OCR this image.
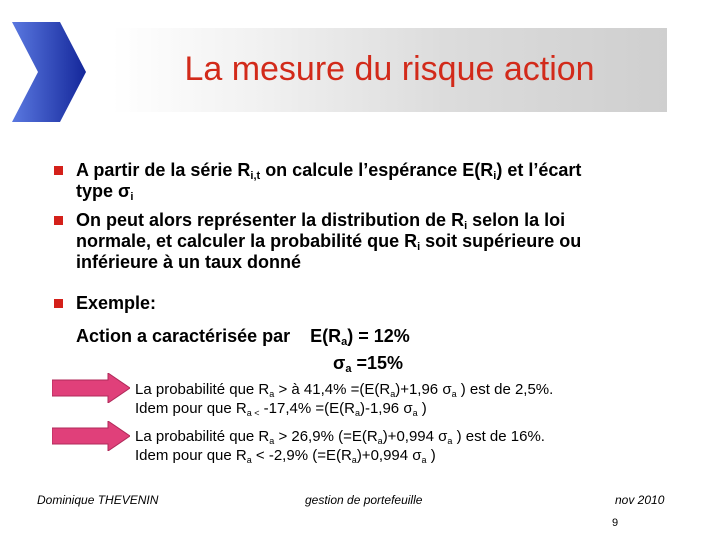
La mesure du risque action
A partir de la série $R_{i,t}$ on calcule l’espérance $E(R_i)$ et l’écart
type $\sigma_i$
On peut alors représenter la distribution de $R_i$ selon la loi
normale, et calculer la probabilité que $R_i$ soit supérieure ou
inférieure à un taux donné
Exemple:
Action a caractérisée par    $E(R_a) = 12\%$
$\sigma_a =15\%$
La probabilité que $R_a$ > à $41,4\% =(E(R_a)+1,96$ $\sigma_a$ ) est de 2,5%.
Idem pour que $R_{a <}$ $-17,4\% =(E(R_a)-1,96$ $\sigma_a$ )
La probabilité que $R_a > 26,9\%$ ($=E(R_a)+0,994$ $\sigma_a$ ) est de 16%.
Idem pour que $R_a < -2,9\%$ ($=E(R_a)+0,994$ $\sigma_a$ )
Dominique THEVENIN	gestion de portefeuille	nov 2010
9
